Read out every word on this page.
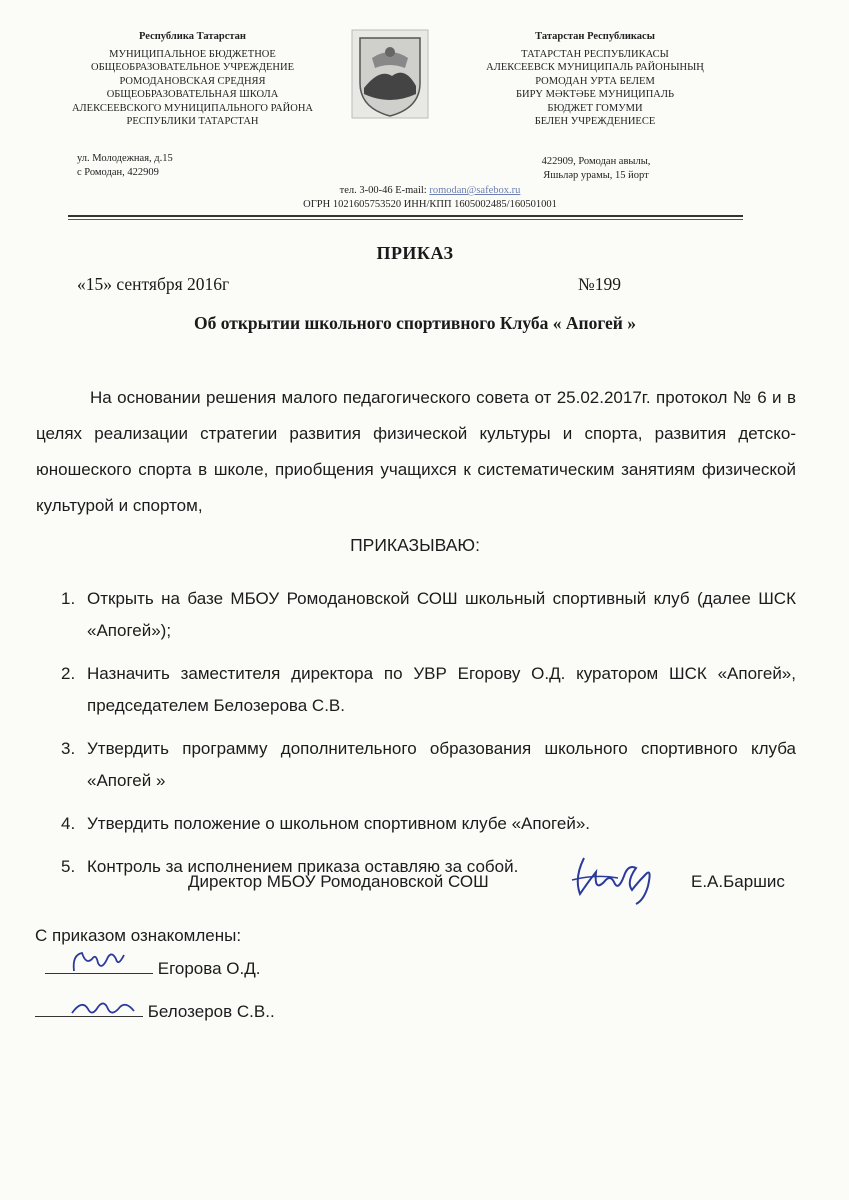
Республика Татарстан
МУНИЦИПАЛЬНОЕ БЮДЖЕТНОЕ
ОБЩЕОБРАЗОВАТЕЛЬНОЕ УЧРЕЖДЕНИЕ
РОМОДАНОВСКАЯ СРЕДНЯЯ
ОБЩЕОБРАЗОВАТЕЛЬНАЯ ШКОЛА
АЛЕКСЕЕВСКОГО МУНИЦИПАЛЬНОГО РАЙОНА
РЕСПУБЛИКИ ТАТАРСТАН
Татарстан Республикасы
ТАТАРСТАН РЕСПУБЛИКАСЫ
АЛЕКСЕЕВСК МУНИЦИПАЛЬ РАЙОНЫНЫҢ
РОМОДАН УРТА БЕЛЕМ
БИРҮ МӘКТӘБЕ МУНИЦИПАЛЬ
БЮДЖЕТ ГОМУМИ
БЕЛЕН УЧРЕЖДЕНИЕСЕ
ул. Молодежная, д.15
с Ромодан, 422909
422909, Ромодан авылы,
Яшьләр урамы, 15 йорт
тел. 3-00-46 E-mail: romodan@safebox.ru
ОГРН 1021605753520 ИНН/КПП 1605002485/160501001
ПРИКАЗ
«15» сентября 2016г	№199
Об открытии школьного спортивного Клуба « Апогей »
На основании решения малого педагогического совета от 25.02.2017г. протокол № 6 и в целях реализации стратегии развития физической культуры и спорта, развития детско-юношеского спорта в школе, приобщения учащихся к систематическим занятиям физической культурой и спортом,
ПРИКАЗЫВАЮ:
1. Открыть на базе МБОУ Ромодановской СОШ школьный спортивный клуб (далее ШСК «Апогей»);
2. Назначить заместителя директора по УВР Егорову О.Д. куратором ШСК «Апогей», председателем Белозерова С.В.
3. Утвердить программу дополнительного образования школьного спортивного клуба «Апогей »
4. Утвердить положение о школьном спортивном клубе «Апогей».
5. Контроль за исполнением приказа оставляю за собой.
Директор МБОУ Ромодановской СОШ	Е.А.Баршис
С приказом ознакомлены:
Егорова О.Д.
Белозеров С.В..
